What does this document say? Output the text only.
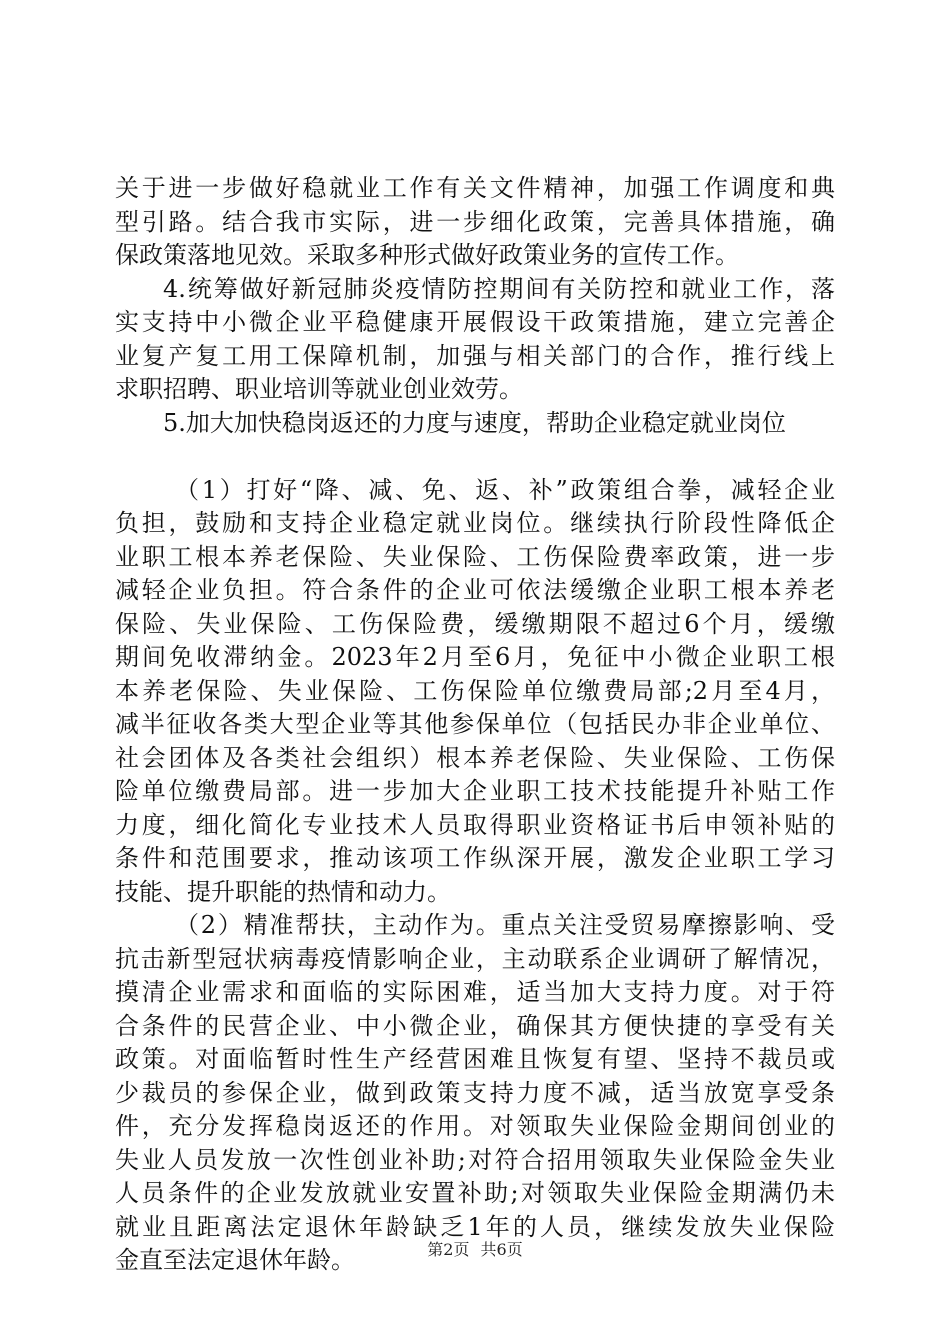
关于进一步做好稳就业工作有关文件精神，加强工作调度和典
型引路。结合我市实际，进一步细化政策，完善具体措施，确
保政策落地见效。采取多种形式做好政策业务的宣传工作。
4.统筹做好新冠肺炎疫情防控期间有关防控和就业工作，落
实支持中小微企业平稳健康开展假设干政策措施，建立完善企
业复产复工用工保障机制，加强与相关部门的合作，推行线上
求职招聘、职业培训等就业创业效劳。
5.加大加快稳岗返还的力度与速度，帮助企业稳定就业岗位
（1）打好“降、减、免、返、补”政策组合拳，减轻企业
负担，鼓励和支持企业稳定就业岗位。继续执行阶段性降低企
业职工根本养老保险、失业保险、工伤保险费率政策，进一步
减轻企业负担。符合条件的企业可依法缓缴企业职工根本养老
保险、失业保险、工伤保险费，缓缴期限不超过6个月，缓缴
期间免收滞纳金。2023年2月至6月，免征中小微企业职工根
本养老保险、失业保险、工伤保险单位缴费局部;2月至4月，
减半征收各类大型企业等其他参保单位（包括民办非企业单位、
社会团体及各类社会组织）根本养老保险、失业保险、工伤保
险单位缴费局部。进一步加大企业职工技术技能提升补贴工作
力度，细化简化专业技术人员取得职业资格证书后申领补贴的
条件和范围要求，推动该项工作纵深开展，激发企业职工学习
技能、提升职能的热情和动力。
（2）精准帮扶，主动作为。重点关注受贸易摩擦影响、受
抗击新型冠状病毒疫情影响企业，主动联系企业调研了解情况，
摸清企业需求和面临的实际困难，适当加大支持力度。对于符
合条件的民营企业、中小微企业，确保其方便快捷的享受有关
政策。对面临暂时性生产经营困难且恢复有望、坚持不裁员或
少裁员的参保企业，做到政策支持力度不减，适当放宽享受条
件，充分发挥稳岗返还的作用。对领取失业保险金期间创业的
失业人员发放一次性创业补助;对符合招用领取失业保险金失业
人员条件的企业发放就业安置补助;对领取失业保险金期满仍未
就业且距离法定退休年龄缺乏1年的人员，继续发放失业保险
金直至法定退休年龄。	第2页 共6页
